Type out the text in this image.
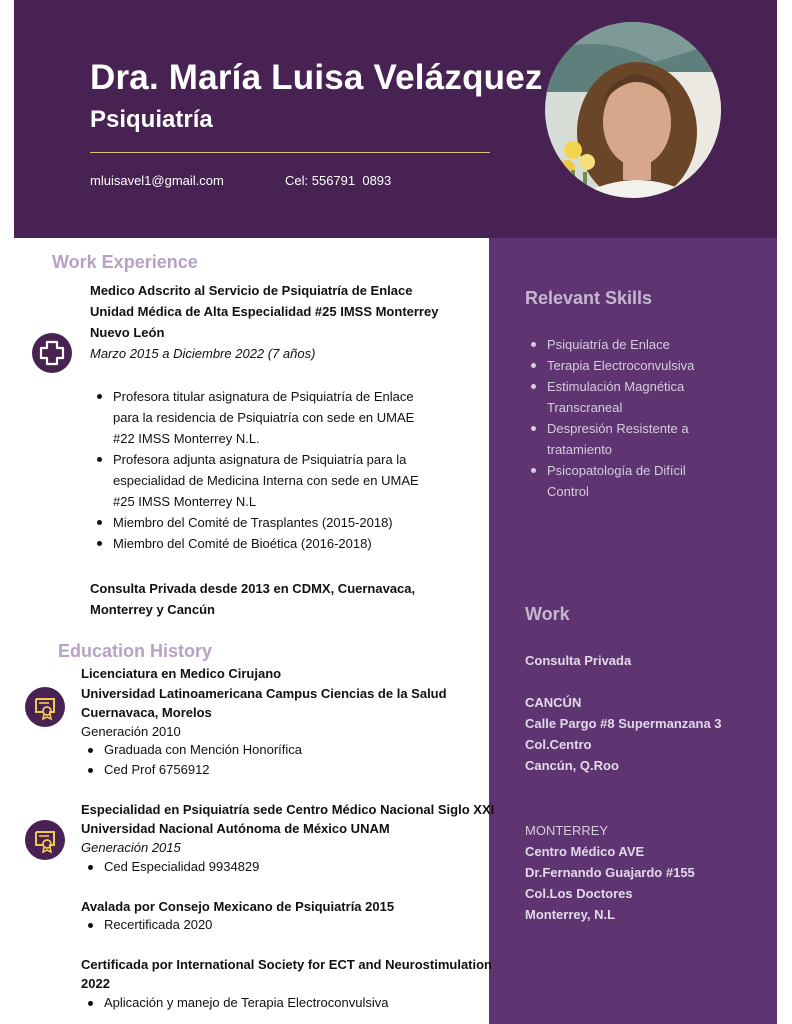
Dra. María Luisa Velázquez
Psiquiatría
mluisavel1@gmail.com	Cel: 556791  0893
Relevant Skills
Psiquiatría de Enlace
Terapia Electroconvulsiva
Estimulación Magnética Transcraneal
Despresión Resistente a tratamiento
Psicopatología de Difícil Control
Work
Consulta Privada
CANCÚN
Calle Pargo #8 Supermanzana 3
Col.Centro
Cancún, Q.Roo
MONTERREY
Centro Médico AVE
Dr.Fernando Guajardo #155
Col.Los Doctores
Monterrey, N.L
Work Experience
Medico Adscrito al Servicio de Psiquiatría de Enlace
Unidad Médica de Alta Especialidad #25 IMSS Monterrey
Nuevo León
Marzo 2015 a Diciembre 2022 (7 años)
Profesora titular asignatura de Psiquiatría de Enlace para la residencia de Psiquiatría con sede en UMAE #22 IMSS Monterrey N.L.
Profesora adjunta asignatura de Psiquiatría para la especialidad de Medicina Interna con sede en UMAE #25 IMSS Monterrey N.L
Miembro del Comité de Trasplantes (2015-2018)
Miembro del Comité de Bioética (2016-2018)
Consulta Privada desde 2013 en CDMX, Cuernavaca,
Monterrey y Cancún
Education History
Licenciatura en Medico Cirujano
Universidad Latinoamericana Campus Ciencias de la Salud
Cuernavaca, Morelos
Generación 2010
Graduada con Mención Honorífica
Ced Prof 6756912
Especialidad en Psiquiatría sede Centro Médico Nacional Siglo XXI
Universidad Nacional Autónoma de México UNAM
Generación 2015
Ced Especialidad 9934829
Avalada por Consejo Mexicano de Psiquiatría 2015
Recertificada 2020
Certificada por International Society for ECT and Neurostimulation
2022
Aplicación y manejo de Terapia Electroconvulsiva
